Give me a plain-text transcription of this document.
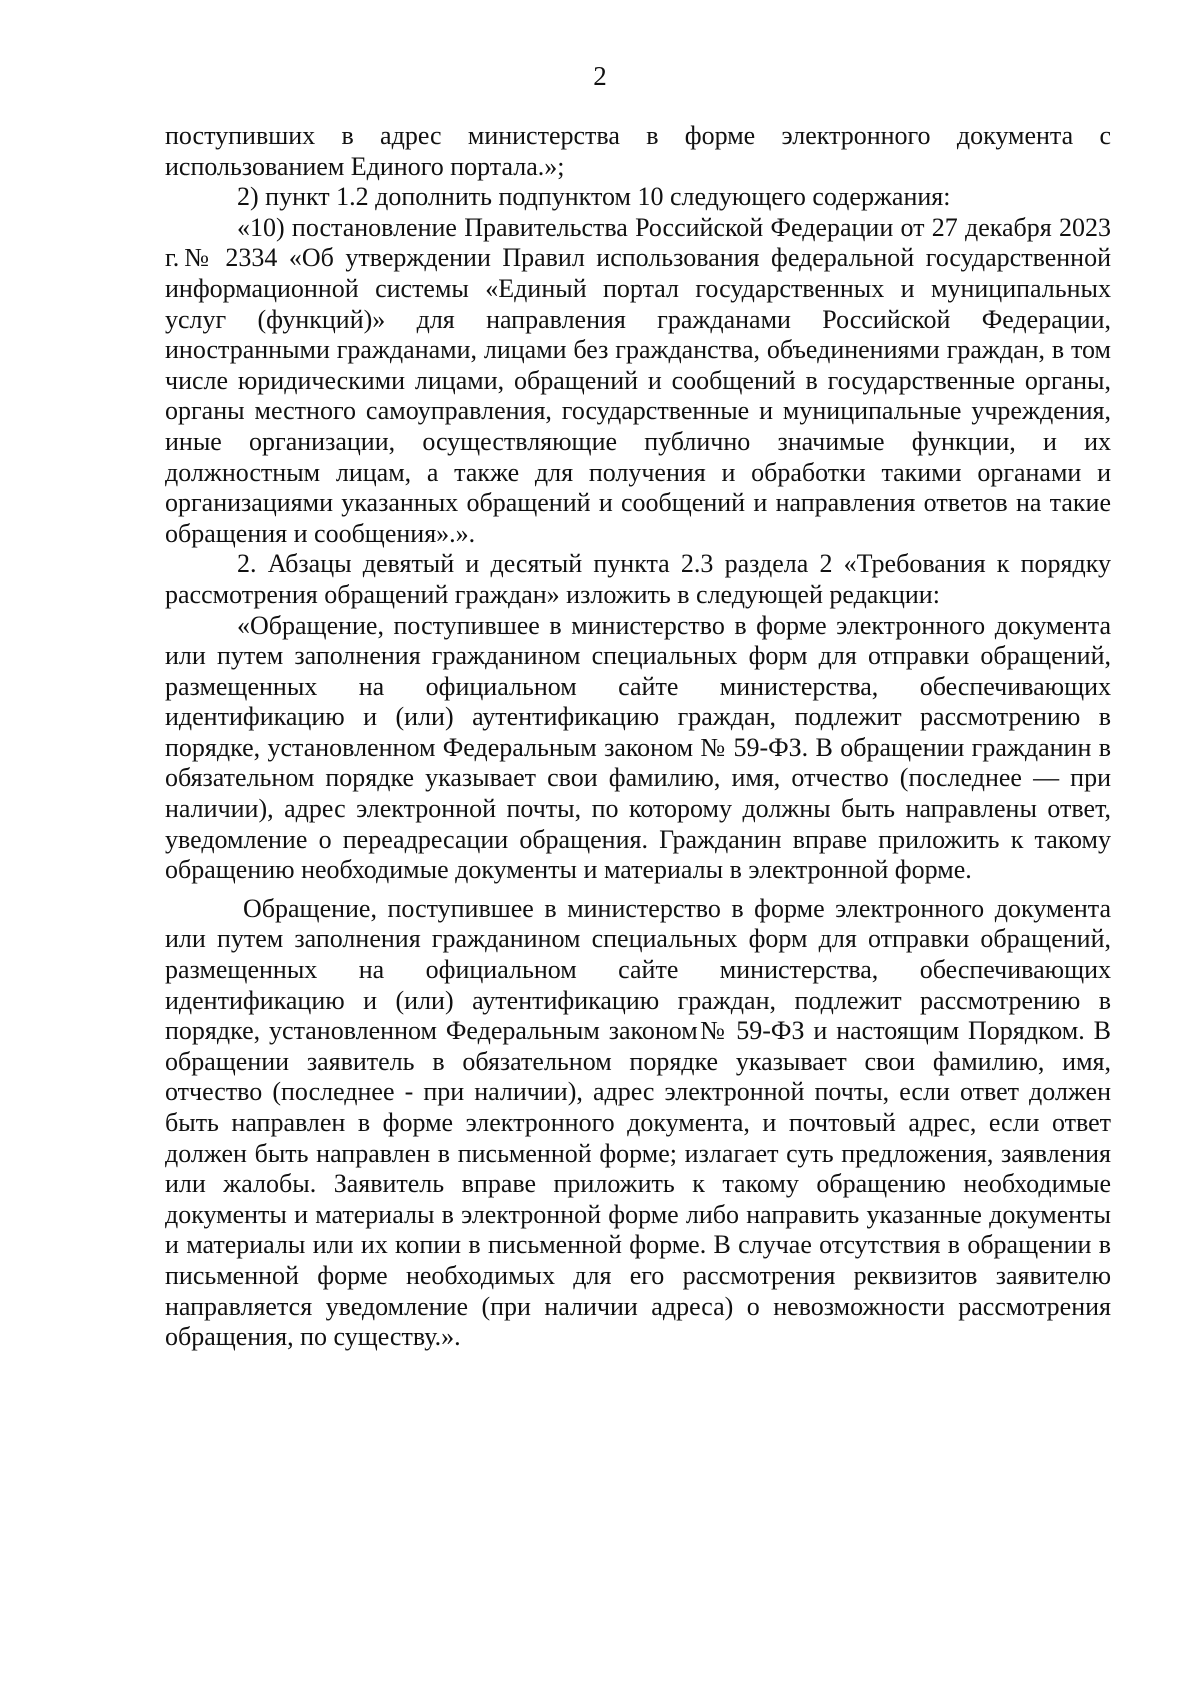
2

поступивших в адрес министерства в форме электронного документа с использованием Единого портала.»;

2) пункт 1.2 дополнить подпунктом 10 следующего содержания:

«10) постановление Правительства Российской Федерации от 27 декабря 2023 г.№ 2334 «Об утверждении Правил использования федеральной государственной информационной системы «Единый портал государственных и муниципальных услуг (функций)» для направления гражданами Российской Федерации, иностранными гражданами, лицами без гражданства, объединениями граждан, в том числе юридическими лицами, обращений и сообщений в государственные органы, органы местного самоуправления, государственные и муниципальные учреждения, иные организации, осуществляющие публично значимые функции, и их должностным лицам, а также для получения и обработки такими органами и организациями указанных обращений и сообщений и направления ответов на такие обращения и сообщения».».

2. Абзацы девятый и десятый пункта 2.3 раздела 2 «Требования к порядку рассмотрения обращений граждан» изложить в следующей редакции:

«Обращение, поступившее в министерство в форме электронного документа или путем заполнения гражданином специальных форм для отправки обращений, размещенных на официальном сайте министерства, обеспечивающих идентификацию и (или) аутентификацию граждан, подлежит рассмотрению в порядке, установленном Федеральным законом № 59-ФЗ. В обращении гражданин в обязательном порядке указывает свои фамилию, имя, отчество (последнее — при наличии), адрес электронной почты, по которому должны быть направлены ответ, уведомление о переадресации обращения. Гражданин вправе приложить к такому обращению необходимые документы и материалы в электронной форме.

Обращение, поступившее в министерство в форме электронного документа или путем заполнения гражданином специальных форм для отправки обращений, размещенных на официальном сайте министерства, обеспечивающих идентификацию и (или) аутентификацию граждан, подлежит рассмотрению в порядке, установленном Федеральным законом№ 59-ФЗ и настоящим Порядком. В обращении заявитель в обязательном порядке указывает свои фамилию, имя, отчество (последнее - при наличии), адрес электронной почты, если ответ должен быть направлен в форме электронного документа, и почтовый адрес, если ответ должен быть направлен в письменной форме; излагает суть предложения, заявления или жалобы. Заявитель вправе приложить к такому обращению необходимые документы и материалы в электронной форме либо направить указанные документы и материалы или их копии в письменной форме. В случае отсутствия в обращении в письменной форме необходимых для его рассмотрения реквизитов заявителю направляется уведомление (при наличии адреса) о невозможности рассмотрения обращения, по существу.».
